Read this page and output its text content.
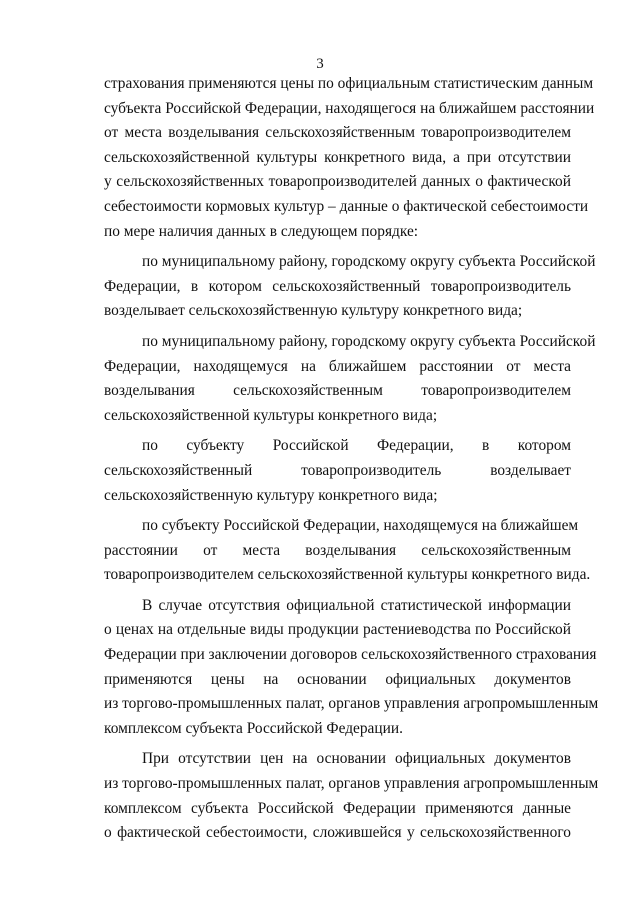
3
страхования применяются цены по официальным статистическим данным
субъекта Российской Федерации, находящегося на ближайшем расстоянии
от места возделывания сельскохозяйственным товаропроизводителем
сельскохозяйственной культуры конкретного вида, а при отсутствии
у сельскохозяйственных товаропроизводителей данных о фактической
себестоимости кормовых культур – данные о фактической себестоимости
по мере наличия данных в следующем порядке:
по муниципальному району, городскому округу субъекта Российской
Федерации, в котором сельскохозяйственный товаропроизводитель
возделывает сельскохозяйственную культуру конкретного вида;
по муниципальному району, городскому округу субъекта Российской
Федерации, находящемуся на ближайшем расстоянии от места
возделывания сельскохозяйственным товаропроизводителем
сельскохозяйственной культуры конкретного вида;
по субъекту Российской Федерации, в котором
сельскохозяйственный товаропроизводитель возделывает
сельскохозяйственную культуру конкретного вида;
по субъекту Российской Федерации, находящемуся на ближайшем
расстоянии от места возделывания сельскохозяйственным
товаропроизводителем сельскохозяйственной культуры конкретного вида.
В случае отсутствия официальной статистической информации
о ценах на отдельные виды продукции растениеводства по Российской
Федерации при заключении договоров сельскохозяйственного страхования
применяются цены на основании официальных документов
из торгово-промышленных палат, органов управления агропромышленным
комплексом субъекта Российской Федерации.
При отсутствии цен на основании официальных документов
из торгово-промышленных палат, органов управления агропромышленным
комплексом субъекта Российской Федерации применяются данные
о фактической себестоимости, сложившейся у сельскохозяйственного
